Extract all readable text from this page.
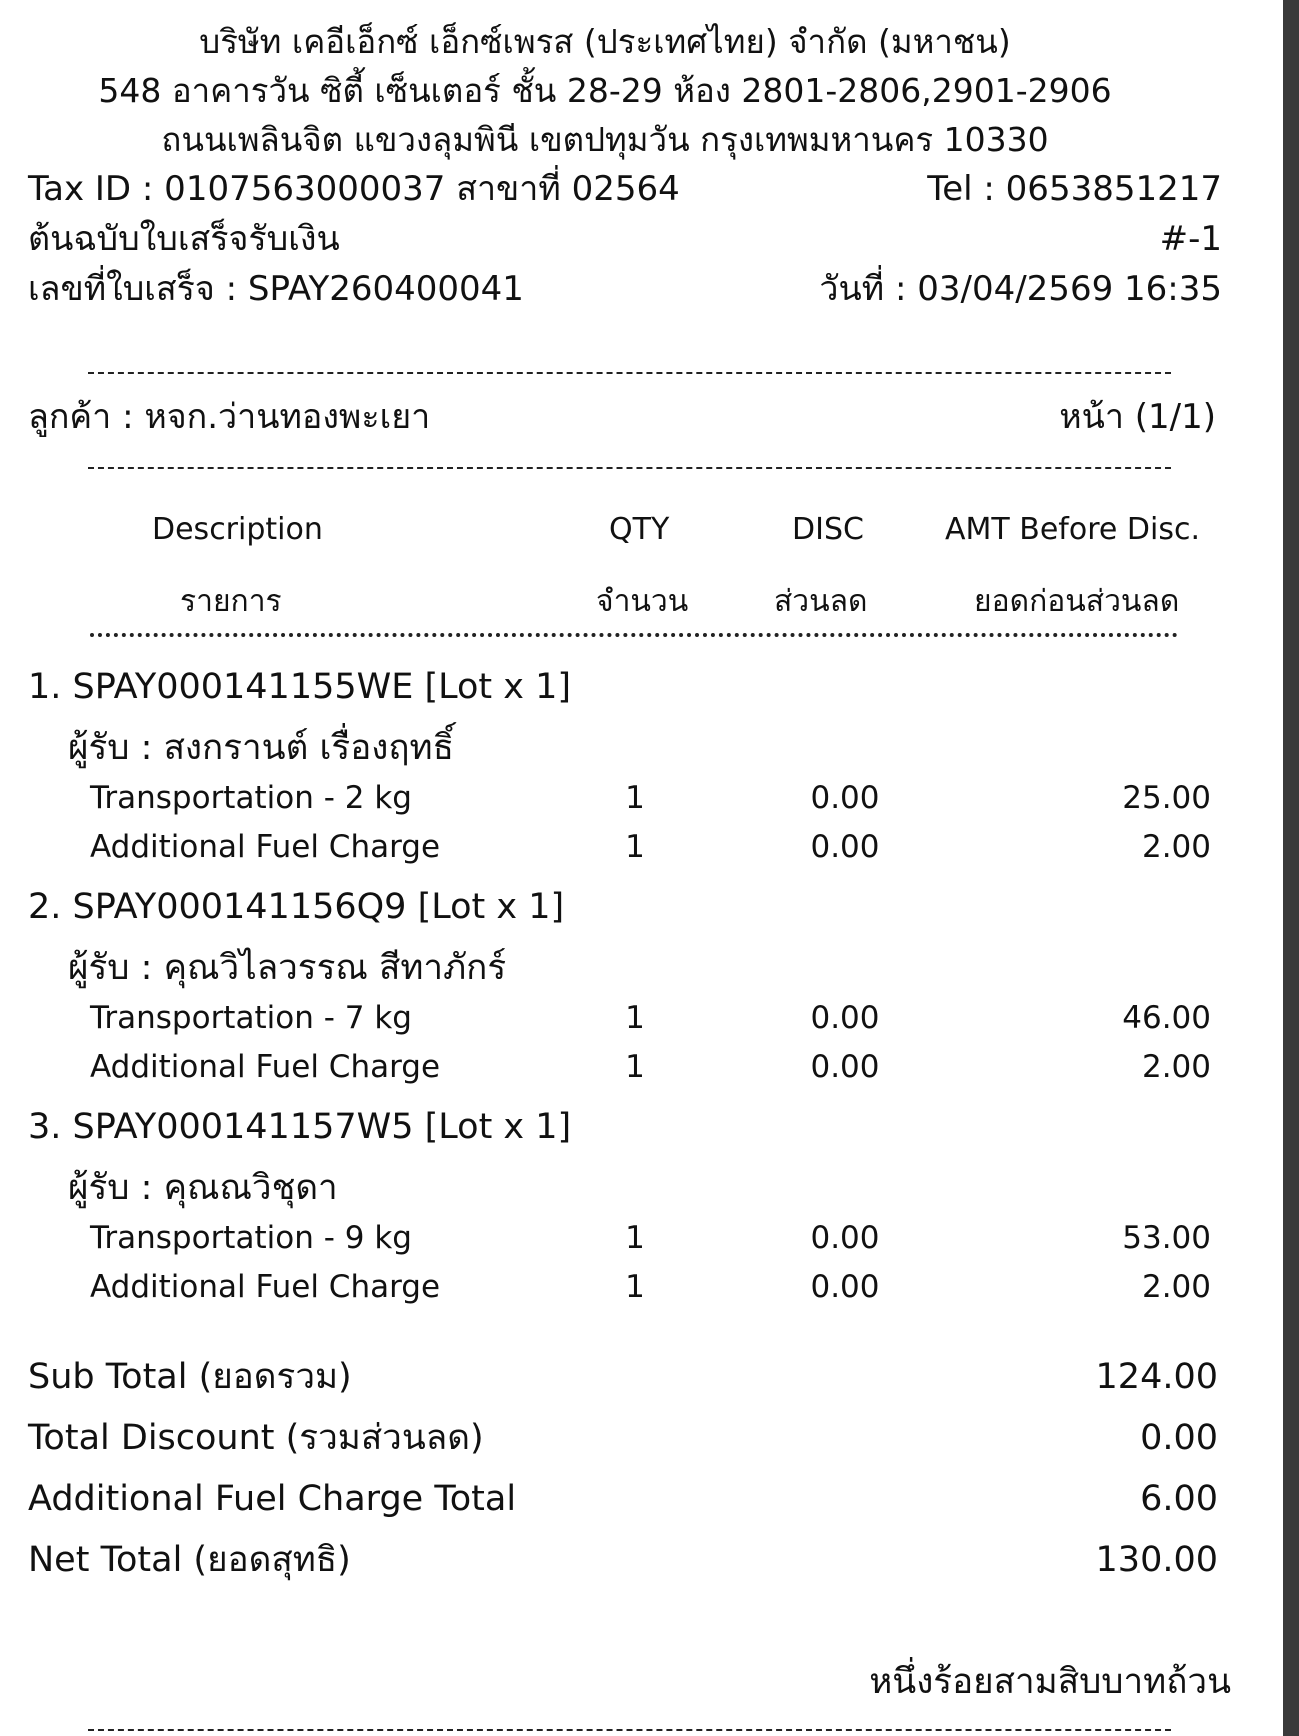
บริษัท เคอีเอ็กซ์ เอ็กซ์เพรส (ประเทศไทย) จำกัด (มหาชน)
548 อาคารวัน ซิตี้ เซ็นเตอร์ ชั้น 28-29 ห้อง 2801-2806,2901-2906
ถนนเพลินจิต แขวงลุมพินี เขตปทุมวัน กรุงเทพมหานคร 10330
Tax ID : 0107563000037 สาขาที่ 02564	Tel : 0653851217
ต้นฉบับใบเสร็จรับเงิน	#-1
เลขที่ใบเสร็จ : SPAY260400041	วันที่ : 03/04/2569 16:35
ลูกค้า : หจก.ว่านทองพะเยา	หน้า (1/1)
Description	QTY	DISC	AMT Before Disc.
รายการ	จำนวน	ส่วนลด	ยอดก่อนส่วนลด
1. SPAY000141155WE [Lot x 1]
ผู้รับ : สงกรานต์ เรื่องฤทธิ์
Transportation - 2 kg	1	0.00	25.00
Additional Fuel Charge	1	0.00	2.00
2. SPAY000141156Q9 [Lot x 1]
ผู้รับ : คุณวิไลวรรณ สีทาภักร์
Transportation - 7 kg	1	0.00	46.00
Additional Fuel Charge	1	0.00	2.00
3. SPAY000141157W5 [Lot x 1]
ผู้รับ : คุณณวิชุดา
Transportation - 9 kg	1	0.00	53.00
Additional Fuel Charge	1	0.00	2.00
Sub Total (ยอดรวม)	124.00
Total Discount (รวมส่วนลด)	0.00
Additional Fuel Charge Total	6.00
Net Total (ยอดสุทธิ)	130.00
หนึ่งร้อยสามสิบบาทถ้วน
